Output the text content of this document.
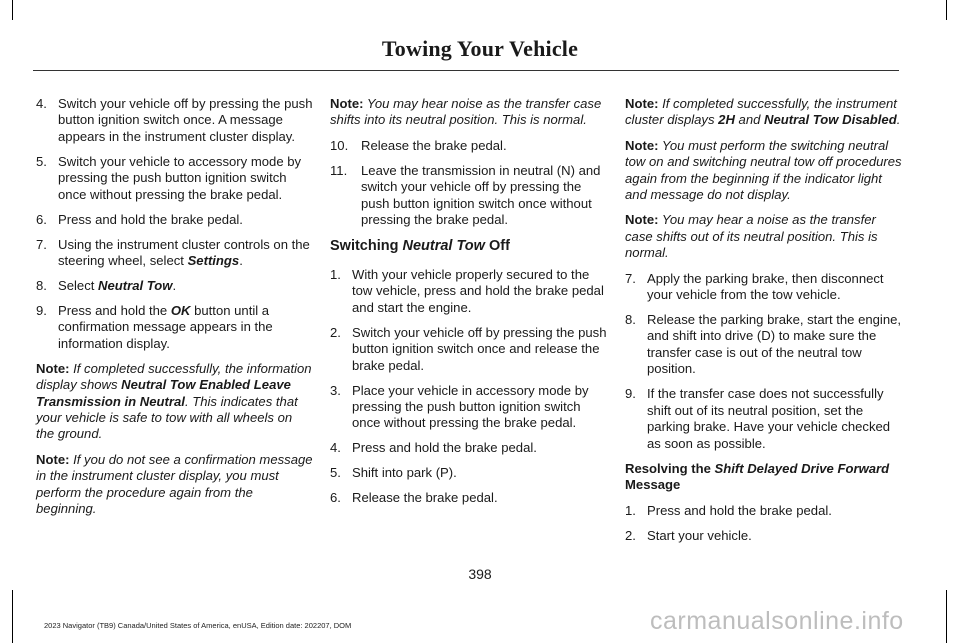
Towing Your Vehicle
4. Switch your vehicle off by pressing the push button ignition switch once. A message appears in the instrument cluster display.
5. Switch your vehicle to accessory mode by pressing the push button ignition switch once without pressing the brake pedal.
6. Press and hold the brake pedal.
7. Using the instrument cluster controls on the steering wheel, select Settings.
8. Select Neutral Tow.
9. Press and hold the OK button until a confirmation message appears in the information display.

Note: If completed successfully, the information display shows Neutral Tow Enabled Leave Transmission in Neutral. This indicates that your vehicle is safe to tow with all wheels on the ground.

Note: If you do not see a confirmation message in the instrument cluster display, you must perform the procedure again from the beginning.

Note: You may hear noise as the transfer case shifts into its neutral position. This is normal.

10. Release the brake pedal.
11.	Leave the transmission in neutral (N) and switch your vehicle off by pressing the push button ignition switch once without pressing the brake pedal.
Switching Neutral Tow Off
1. With your vehicle properly secured to the tow vehicle, press and hold the brake pedal and start the engine.
2. Switch your vehicle off by pressing the push button ignition switch once and release the brake pedal.
3. Place your vehicle in accessory mode by pressing the push button ignition switch once without pressing the brake pedal.
4. Press and hold the brake pedal.
5. Shift into park (P).
6. Release the brake pedal.

Note: If completed successfully, the instrument cluster displays 2H and Neutral Tow Disabled.

Note: You must perform the switching neutral tow on and switching neutral tow off procedures again from the beginning if the indicator light and message do not display.

Note: You may hear a noise as the transfer case shifts out of its neutral position. This is normal.

7. Apply the parking brake, then disconnect your vehicle from the tow vehicle.
8. Release the parking brake, start the engine, and shift into drive (D) to make sure the transfer case is out of the neutral tow position.
9. If the transfer case does not successfully shift out of its neutral position, set the parking brake. Have your vehicle checked as soon as possible.
Resolving the Shift Delayed Drive Forward Message
1. Press and hold the brake pedal.
2. Start your vehicle.
398
2023 Navigator (TB9) Canada/United States of America, enUSA, Edition date: 202207, DOM	carmanualsonline.info
